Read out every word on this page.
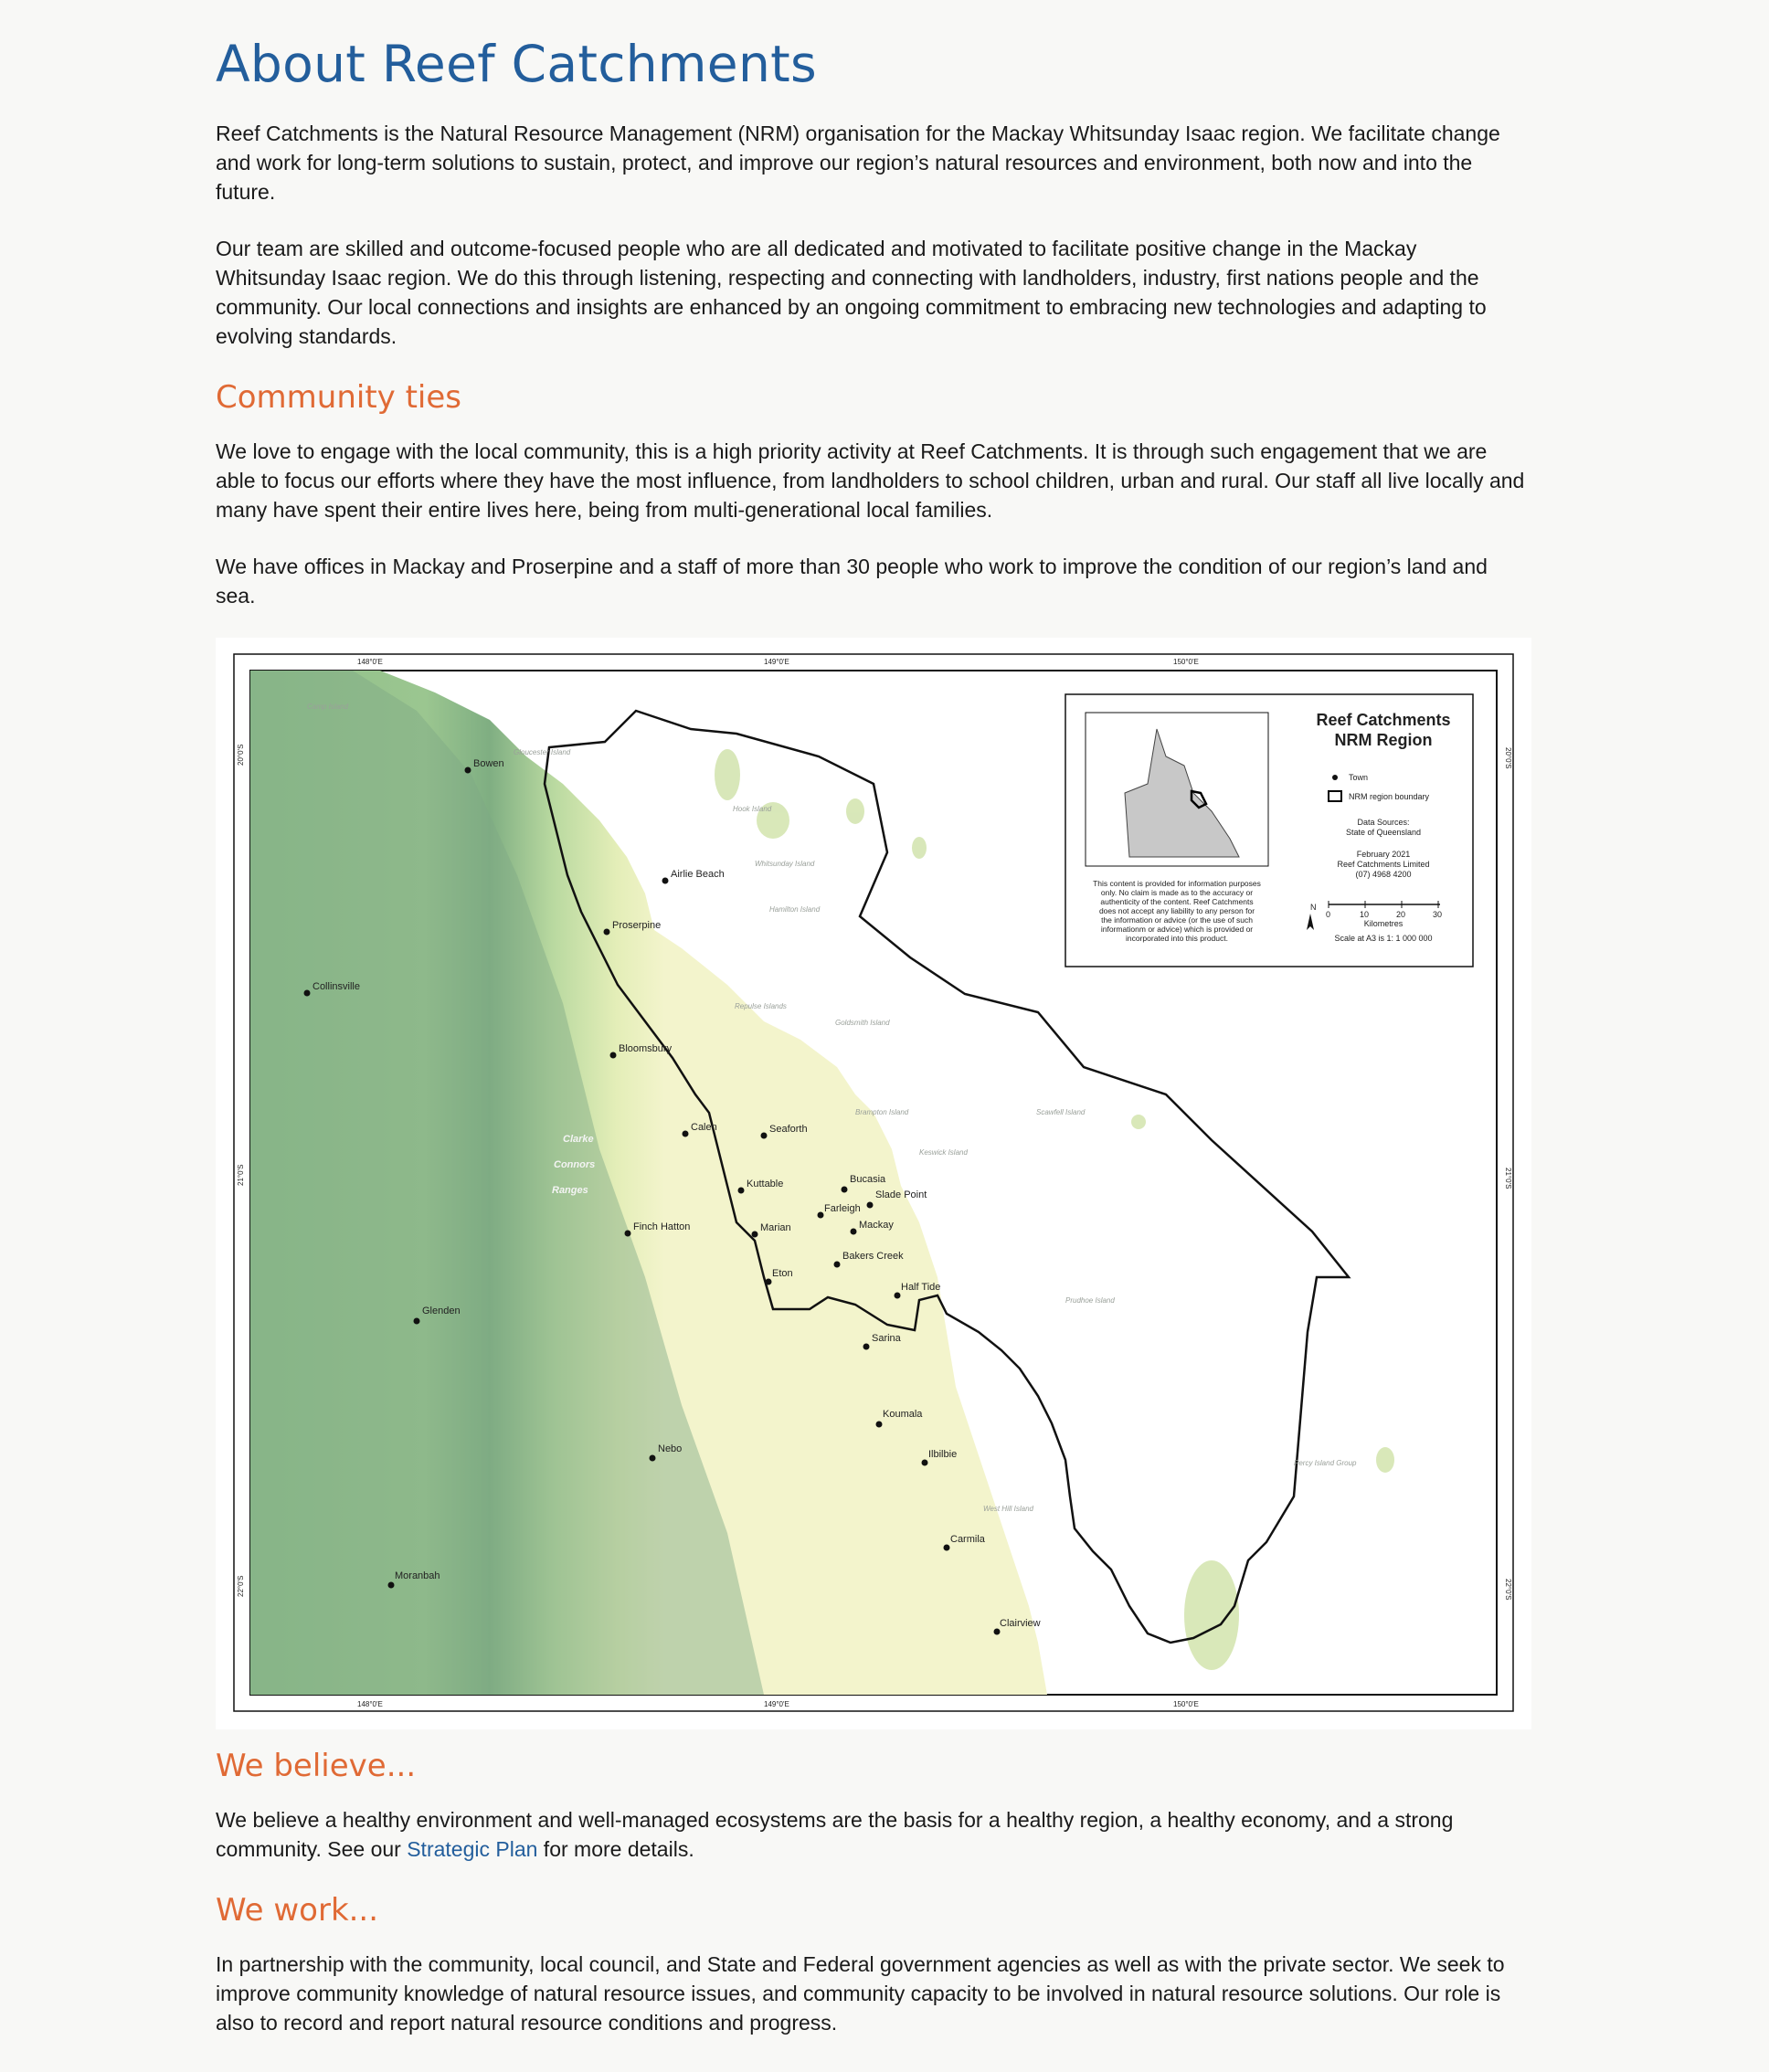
About Reef Catchments

Reef Catchments is the Natural Resource Management (NRM) organisation for the Mackay Whitsunday Isaac region. We facilitate change and work for long-term solutions to sustain, protect, and improve our region’s natural resources and environment, both now and into the future.

Our team are skilled and outcome-focused people who are all dedicated and motivated to facilitate positive change in the Mackay Whitsunday Isaac region. We do this through listening, respecting and connecting with landholders, industry, first nations people and the community. Our local connections and insights are enhanced by an ongoing commitment to embracing new technologies and adapting to evolving standards.

Community ties

We love to engage with the local community, this is a high priority activity at Reef Catchments. It is through such engagement that we are able to focus our efforts where they have the most influence, from landholders to school children, urban and rural. Our staff all live locally and many have spent their entire lives here, being from multi-generational local families.

We have offices in Mackay and Proserpine and a staff of more than 30 people who work to improve the condition of our region’s land and sea.

148°0'E	149°0'E	150°0'E
148°0'E	149°0'E	150°0'E
20°0'S
21°0'S
22°0'S
20°0'S
21°0'S
22°0'S
Bowen
Airlie Beach
Proserpine
Collinsville
Bloomsbury
Calen	Seaforth
Kuttable	Bucasia
Slade Point
Farleigh
Mackay
Finch Hatton	Marian
Bakers Creek
Eton
Half Tide
Glenden
Sarina
Koumala
Nebo	Ilbilbie
Carmila
Moranbah
Clairview
Camp Island
Gloucester Island
Hook Island
Whitsunday Island
Hamilton Island
Repulse Islands
Goldsmith Island
Brampton Island	Scawfell Island
Keswick Island
Prudhoe Island
Percy Island Group
West Hill Island
Clarke
Connors
Ranges
Reef Catchments
NRM Region
Town
NRM region boundary
Data Sources:
State of Queensland
February 2021
Reef Catchments Limited
(07) 4968 4200
This content is provided for information purposes
only. No claim is made as to the accuracy or
authenticity of the content. Reef Catchments
does not accept any liability to any person for
the information or advice (or the use of such
informationm or advice) which is provided or
incorporated into this product.
N
0	10	20	30
Kilometres
Scale at A3 is 1: 1 000 000
We believe...

We believe a healthy environment and well-managed ecosystems are the basis for a healthy region, a healthy economy, and a strong community. See our Strategic Plan for more details.

We work...

In partnership with the community, local council, and State and Federal government agencies as well as with the private sector. We seek to improve community knowledge of natural resource issues, and community capacity to be involved in natural resource solutions. Our role is also to record and report natural resource conditions and progress.
